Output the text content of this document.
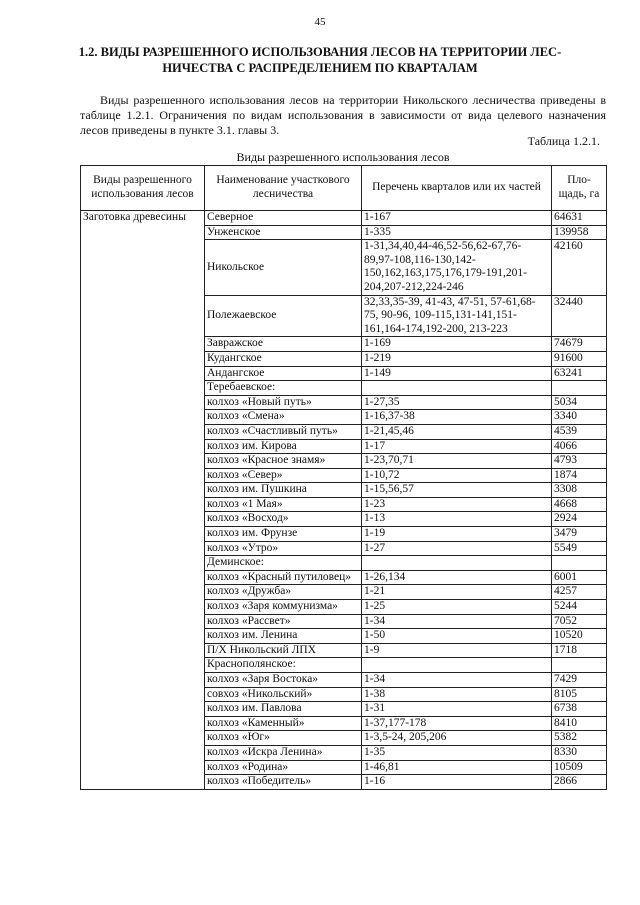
45
1.2. ВИДЫ РАЗРЕШЕННОГО ИСПОЛЬЗОВАНИЯ ЛЕСОВ НА ТЕРРИТОРИИ ЛЕС-
НИЧЕСТВА С РАСПРЕДЕЛЕНИЕМ ПО КВАРТАЛАМ

Виды разрешенного использования лесов на территории Никольского лесничества приведены в таблице 1.2.1. Ограничения по видам использования в зависимости от вида целевого назначения лесов приведены в пункте 3.1. главы 3.

Таблица 1.2.1.
Виды разрешенного использования лесов
Виды разрешенного использования лесов	Наименование участкового лесничества	Перечень кварталов или их частей	Пло-щадь, га
Заготовка древесины	Северное	1-167	64631
	Унженское	1-335	139958
	Никольское	1-31,34,40,44-46,52-56,62-67,76-89,97-108,116-130,142-150,162,163,175,176,179-191,201-204,207-212,224-246	42160
	Полежаевское	32,33,35-39, 41-43, 47-51, 57-61,68-75, 90-96, 109-115,131-141,151-161,164-174,192-200, 213-223	32440
	Завражское	1-169	74679
	Кудангское	1-219	91600
	Андангское	1-149	63241
	Теребаевское:		
	колхоз «Новый путь»	1-27,35	5034
	колхоз «Смена»	1-16,37-38	3340
	колхоз «Счастливый путь»	1-21,45,46	4539
	колхоз им. Кирова	1-17	4066
	колхоз «Красное знамя»	1-23,70,71	4793
	колхоз «Север»	1-10,72	1874
	колхоз им. Пушкина	1-15,56,57	3308
	колхоз «1 Мая»	1-23	4668
	колхоз «Восход»	1-13	2924
	колхоз им. Фрунзе	1-19	3479
	колхоз «Утро»	1-27	5549
	Деминское:		
	колхоз «Красный путиловец»	1-26,134	6001
	колхоз «Дружба»	1-21	4257
	колхоз «Заря коммунизма»	1-25	5244
	колхоз «Рассвет»	1-34	7052
	колхоз им. Ленина	1-50	10520
	П/Х Никольский ЛПХ	1-9	1718
	Краснополянское:		
	колхоз «Заря Востока»	1-34	7429
	совхоз «Никольский»	1-38	8105
	колхоз им. Павлова	1-31	6738
	колхоз «Каменный»	1-37,177-178	8410
	колхоз «Юг»	1-3,5-24, 205,206	5382
	колхоз «Искра Ленина»	1-35	8330
	колхоз «Родина»	1-46,81	10509
	колхоз «Победитель»	1-16	2866
